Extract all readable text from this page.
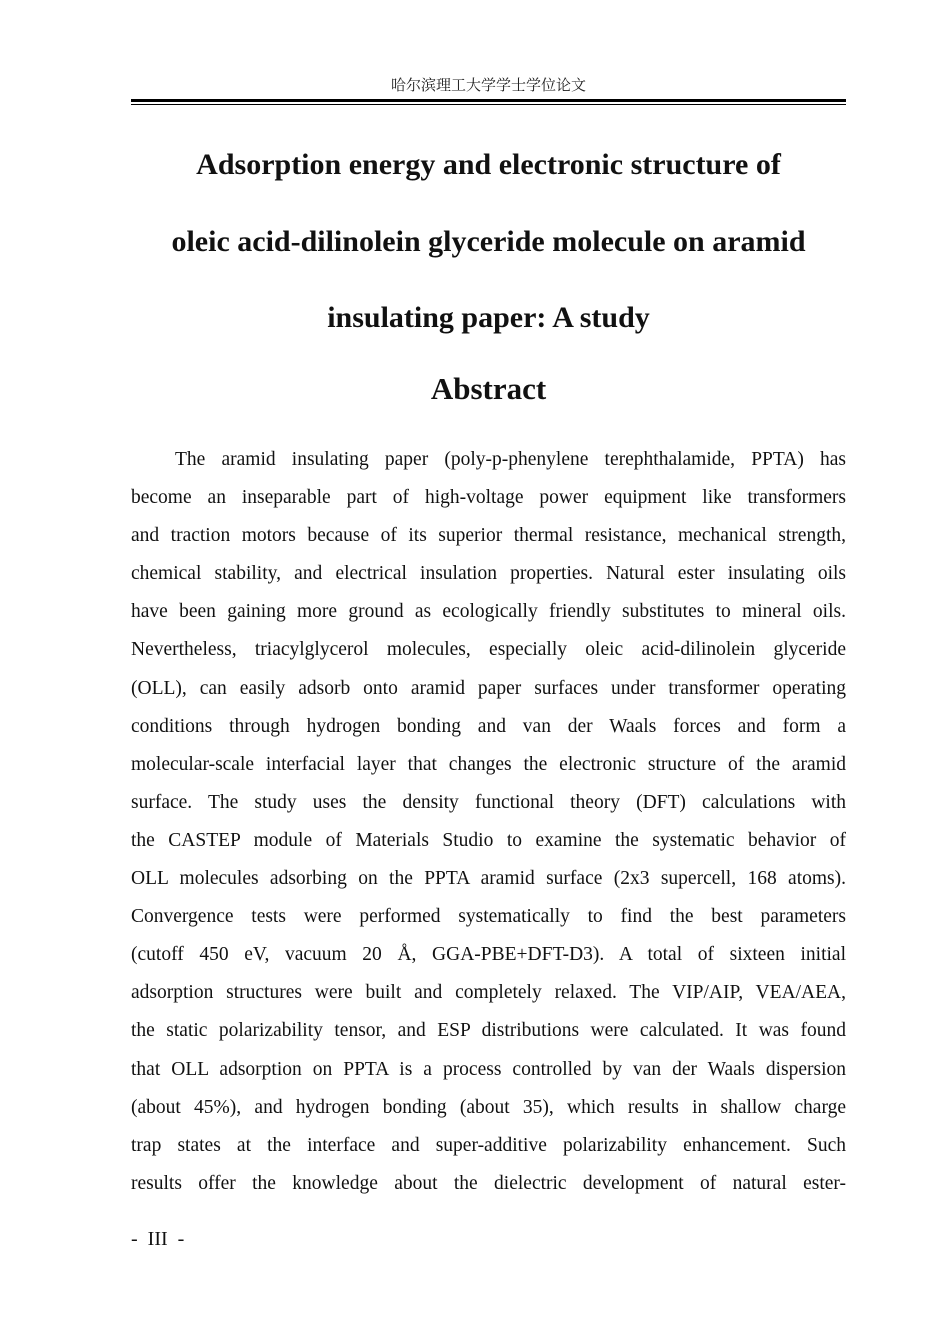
哈尔滨理工大学学士学位论文
Adsorption energy and electronic structure of
oleic acid-dilinolein glyceride molecule on aramid
insulating paper: A study
Abstract
The aramid insulating paper (poly-p-phenylene terephthalamide, PPTA) has
become an inseparable part of high-voltage power equipment like transformers
and traction motors because of its superior thermal resistance, mechanical strength,
chemical stability, and electrical insulation properties. Natural ester insulating oils
have been gaining more ground as ecologically friendly substitutes to mineral oils.
Nevertheless, triacylglycerol molecules, especially oleic acid-dilinolein glyceride
(OLL), can easily adsorb onto aramid paper surfaces under transformer operating
conditions through hydrogen bonding and van der Waals forces and form a
molecular-scale interfacial layer that changes the electronic structure of the aramid
surface. The study uses the density functional theory (DFT) calculations with
the CASTEP module of Materials Studio to examine the systematic behavior of
OLL molecules adsorbing on the PPTA aramid surface (2x3 supercell, 168 atoms).
Convergence tests were performed systematically to find the best parameters
(cutoff 450 eV, vacuum 20 Å, GGA-PBE+DFT-D3). A total of sixteen initial
adsorption structures were built and completely relaxed. The VIP/AIP, VEA/AEA,
the static polarizability tensor, and ESP distributions were calculated. It was found
that OLL adsorption on PPTA is a process controlled by van der Waals dispersion
(about 45%), and hydrogen bonding (about 35), which results in shallow charge
trap states at the interface and super-additive polarizability enhancement. Such
results offer the knowledge about the dielectric development of natural ester-
-  III  -
